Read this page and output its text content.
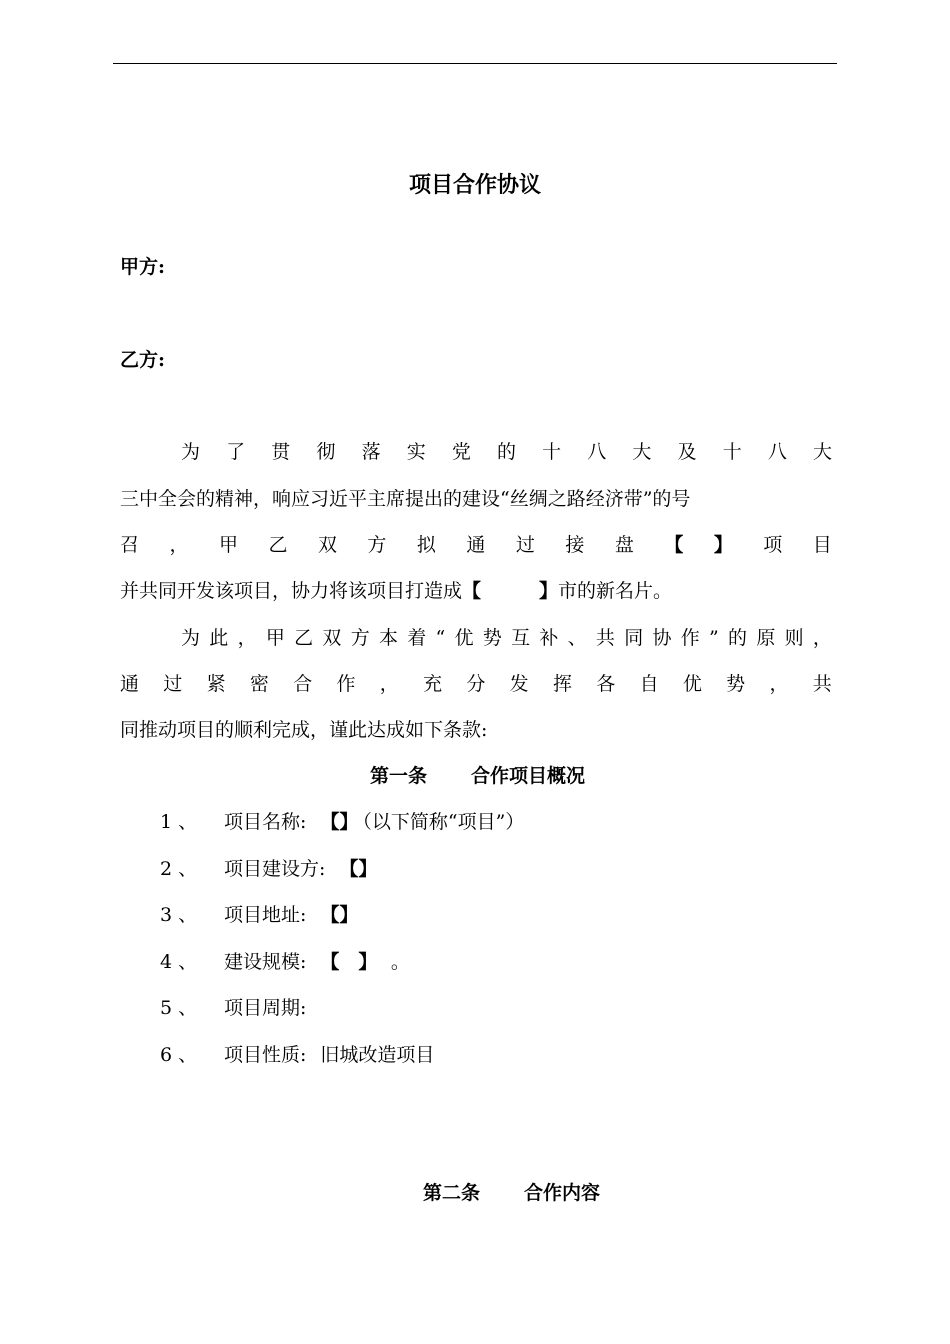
项目合作协议
甲方:
乙方:
为 了 贯 彻 落 实 党 的 十 八 大 及 十 八 大
三中全会的精神，响应习近平主席提出的建设“丝绸之路经济带”的号
召 ， 甲 乙 双 方 拟 通 过 接 盘 【 】 项 目
并共同开发该项目，协力将该项目打造成【	】市的新名片。
为 此 ， 甲 乙 双 方 本 着 “ 优 势 互 补 、 共 同 协 作 ” 的 原 则 ，
通 过 紧 密 合 作 ， 充 分 发 挥 各 自 优 势 ， 共
同推动项目的顺利完成，谨此达成如下条款:
第一条 合作项目概况
1 、 项目名称: 【】 （以下简称“项目”）
2 、 项目建设方: 【】
3 、 项目地址: 【】
4 、 建设规模: 【　】　。
5 、 项目周期:
6 、 项目性质: 旧城改造项目
第二条 合作内容
